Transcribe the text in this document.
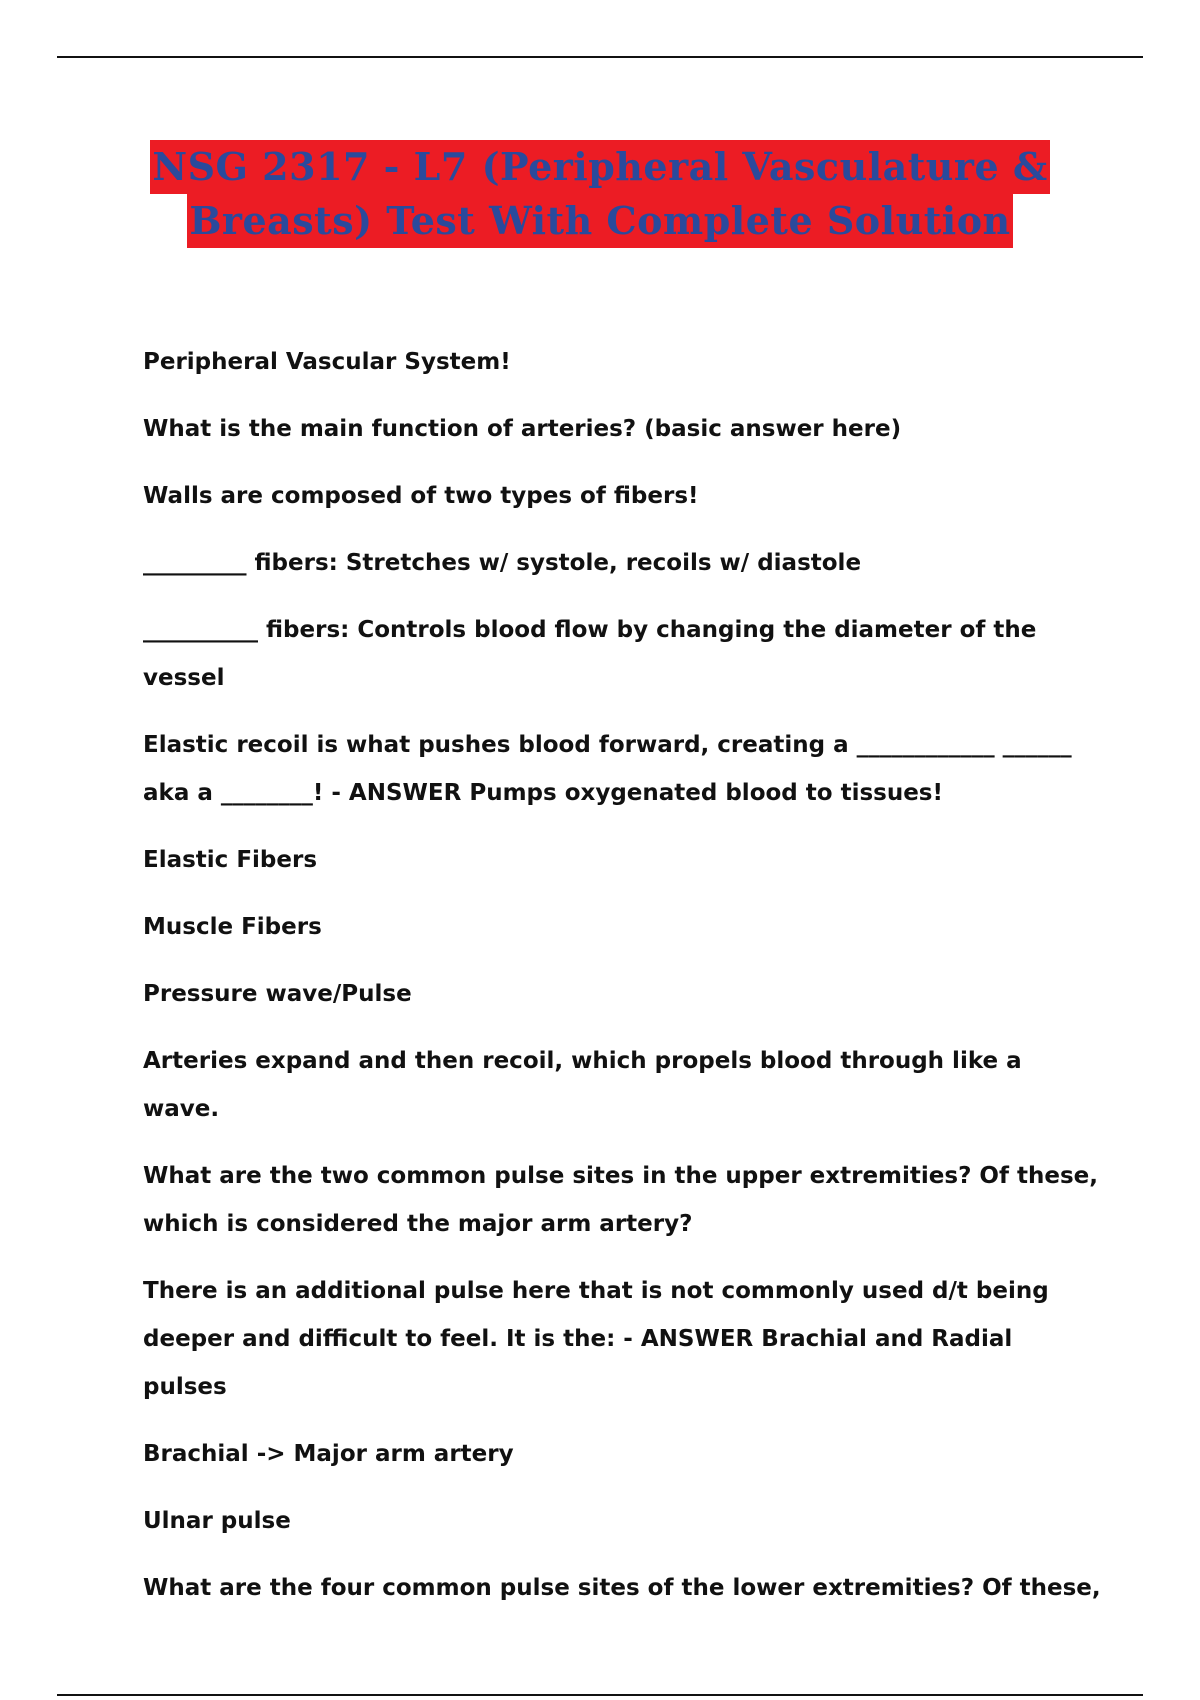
NSG 2317 - L7 (Peripheral Vasculature &
Breasts) Test With Complete Solution

Peripheral Vascular System!

What is the main function of arteries? (basic answer here)

Walls are composed of two types of fibers!

_________ fibers: Stretches w/ systole, recoils w/ diastole

__________ fibers: Controls blood flow by changing the diameter of the vessel

Elastic recoil is what pushes blood forward, creating a ____________ ______ aka a ________! - ANSWER Pumps oxygenated blood to tissues!

Elastic Fibers

Muscle Fibers

Pressure wave/Pulse

Arteries expand and then recoil, which propels blood through like a wave.

What are the two common pulse sites in the upper extremities? Of these, which is considered the major arm artery?

There is an additional pulse here that is not commonly used d/t being deeper and difficult to feel. It is the: - ANSWER Brachial and Radial pulses

Brachial -> Major arm artery

Ulnar pulse

What are the four common pulse sites of the lower extremities? Of these,
